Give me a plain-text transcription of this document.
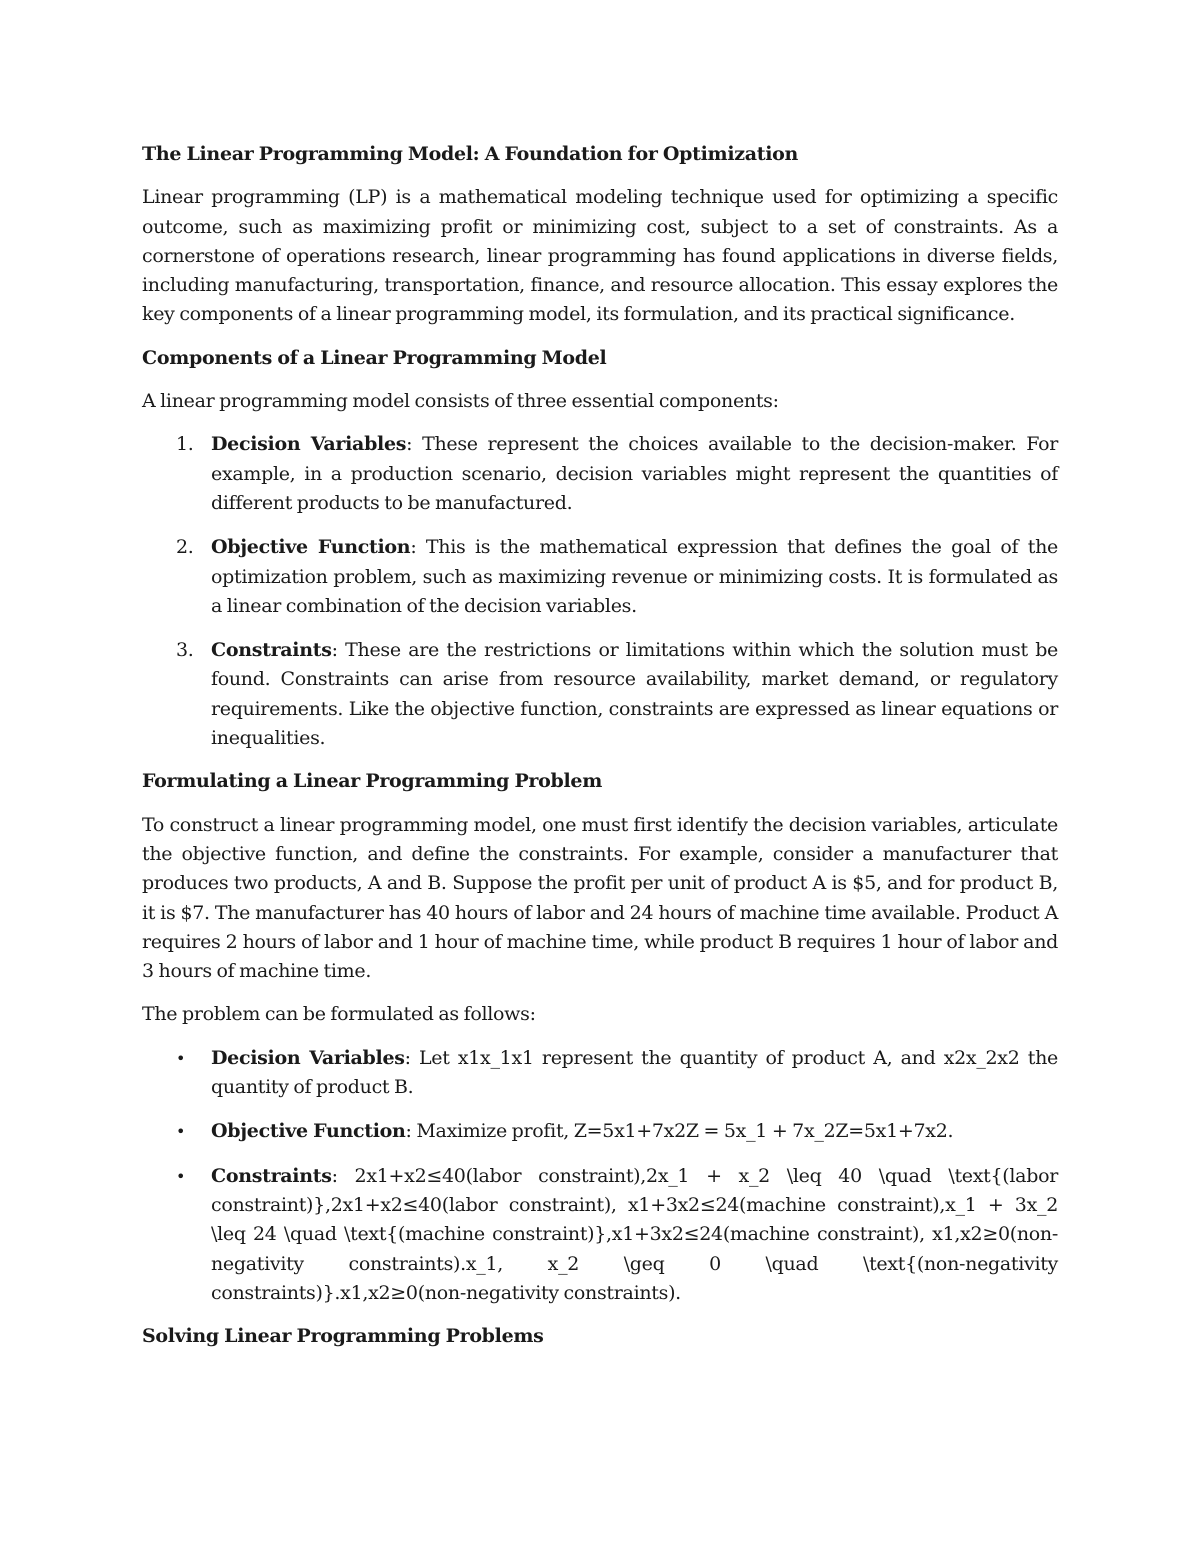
The Linear Programming Model: A Foundation for Optimization

Linear programming (LP) is a mathematical modeling technique used for optimizing a specific outcome, such as maximizing profit or minimizing cost, subject to a set of constraints. As a cornerstone of operations research, linear programming has found applications in diverse fields, including manufacturing, transportation, finance, and resource allocation. This essay explores the key components of a linear programming model, its formulation, and its practical significance.

Components of a Linear Programming Model

A linear programming model consists of three essential components:

1. Decision Variables: These represent the choices available to the decision-maker. For example, in a production scenario, decision variables might represent the quantities of different products to be manufactured.
2. Objective Function: This is the mathematical expression that defines the goal of the optimization problem, such as maximizing revenue or minimizing costs. It is formulated as a linear combination of the decision variables.
3. Constraints: These are the restrictions or limitations within which the solution must be found. Constraints can arise from resource availability, market demand, or regulatory requirements. Like the objective function, constraints are expressed as linear equations or inequalities.
Formulating a Linear Programming Problem

To construct a linear programming model, one must first identify the decision variables, articulate the objective function, and define the constraints. For example, consider a manufacturer that produces two products, A and B. Suppose the profit per unit of product A is $5, and for product B, it is $7. The manufacturer has 40 hours of labor and 24 hours of machine time available. Product A requires 2 hours of labor and 1 hour of machine time, while product B requires 1 hour of labor and 3 hours of machine time.

The problem can be formulated as follows:

• Decision Variables: Let x1x_1x1 represent the quantity of product A, and x2x_2x2 the quantity of product B.
• Objective Function: Maximize profit, Z=5x1+7x2Z = 5x_1 + 7x_2Z=5x1+7x2.
• Constraints: 2x1+x2≤40(labor constraint),2x_1 + x_2 \leq 40 \quad \text{(labor constraint)},2x1+x2≤40(labor constraint), x1+3x2≤24(machine constraint),x_1 + 3x_2 \leq 24 \quad \text{(machine constraint)},x1+3x2≤24(machine constraint), x1,x2≥0(non-negativity constraints).x_1, x_2 \geq 0 \quad \text{(non-negativity constraints)}.x1,x2≥0(non-negativity constraints).
Solving Linear Programming Problems
